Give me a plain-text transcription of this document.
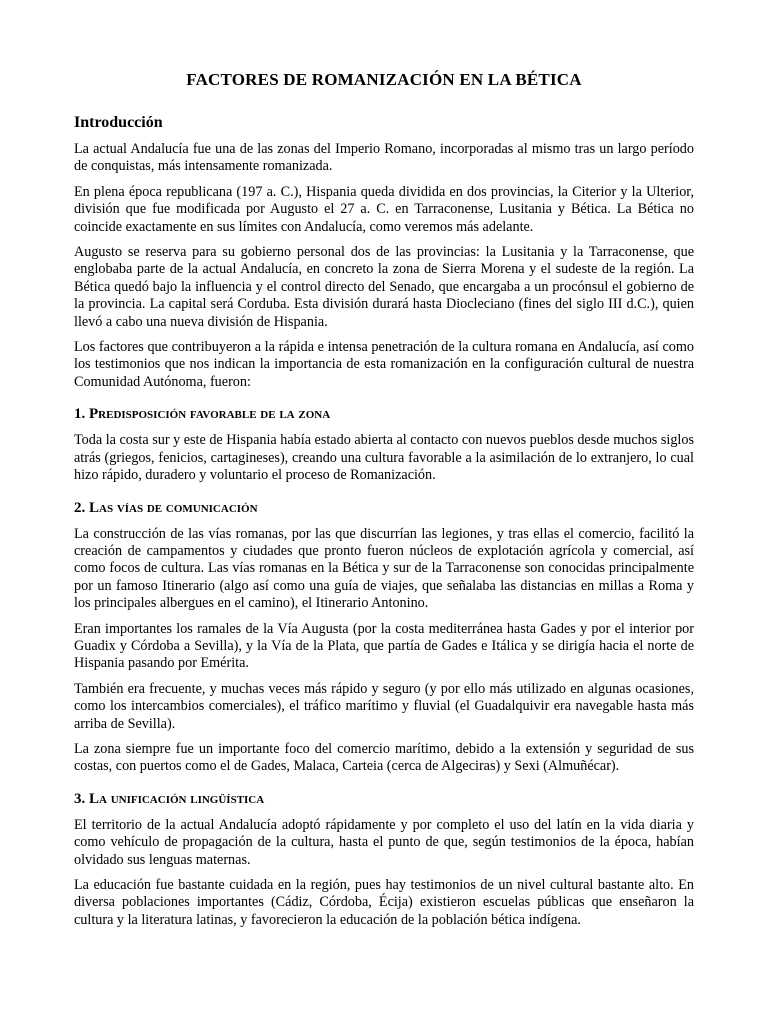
FACTORES DE ROMANIZACIÓN EN LA BÉTICA
Introducción

La actual Andalucía fue una de las zonas del Imperio Romano, incorporadas al mismo tras un largo período de conquistas, más intensamente romanizada.

En plena época republicana (197 a. C.), Hispania queda dividida en dos provincias, la Citerior y la Ulterior, división que fue modificada por Augusto el 27 a. C. en Tarraconense, Lusitania y Bética. La Bética no coincide exactamente en sus límites con Andalucía, como veremos más adelante.

Augusto se reserva para su gobierno personal dos de las provincias: la Lusitania y la Tarraconense, que englobaba parte de la actual Andalucía, en concreto la zona de Sierra Morena y el sudeste de la región. La Bética quedó bajo la influencia y el control directo del Senado, que encargaba a un procónsul el gobierno de la provincia. La capital será Corduba. Esta división durará hasta Diocleciano (fines del siglo III d.C.), quien llevó a cabo una nueva división de Hispania.

Los factores que contribuyeron a la rápida e intensa penetración de la cultura romana en Andalucía, así como los testimonios que nos indican la importancia de esta romanización en la configuración cultural de nuestra Comunidad Autónoma, fueron:

1. Predisposición favorable de la zona

Toda la costa sur y este de Hispania había estado abierta al contacto con nuevos pueblos desde muchos siglos atrás (griegos, fenicios, cartagineses), creando una cultura favorable a la asimilación de lo extranjero, lo cual hizo rápido, duradero y voluntario el proceso de Romanización.

2. Las vías de comunicación

La construcción de las vías romanas, por las que discurrían las legiones, y tras ellas el comercio, facilitó la creación de campamentos y ciudades que pronto fueron núcleos de explotación agrícola y comercial, así como focos de cultura. Las vías romanas en la Bética y sur de la Tarraconense son conocidas principalmente por un famoso Itinerario (algo así como una guía de viajes, que señalaba las distancias en millas a Roma y los principales albergues en el camino), el Itinerario Antonino.

Eran importantes los ramales de la Vía Augusta (por la costa mediterránea hasta Gades y por el interior por Guadix y Córdoba a Sevilla), y la Vía de la Plata, que partía de Gades e Itálica y se dirigía hacia el norte de Hispania pasando por Emérita.

También era frecuente, y muchas veces más rápido y seguro (y por ello más utilizado en algunas ocasiones, como los intercambios comerciales), el tráfico marítimo y fluvial (el Guadalquivir era navegable hasta más arriba de Sevilla).

La zona siempre fue un importante foco del comercio marítimo, debido a la extensión y seguridad de sus costas, con puertos como el de Gades, Malaca, Carteia (cerca de Algeciras) y Sexi (Almuñécar).

3. La unificación lingüística

El territorio de la actual Andalucía adoptó rápidamente y por completo el uso del latín en la vida diaria y como vehículo de propagación de la cultura, hasta el punto de que, según testimonios de la época, habían olvidado sus lenguas maternas.

La educación fue bastante cuidada en la región, pues hay testimonios de un nivel cultural bastante alto. En diversa poblaciones importantes (Cádiz, Córdoba, Écija) existieron escuelas públicas que enseñaron la cultura y la literatura latinas, y favorecieron la educación de la población bética indígena.
